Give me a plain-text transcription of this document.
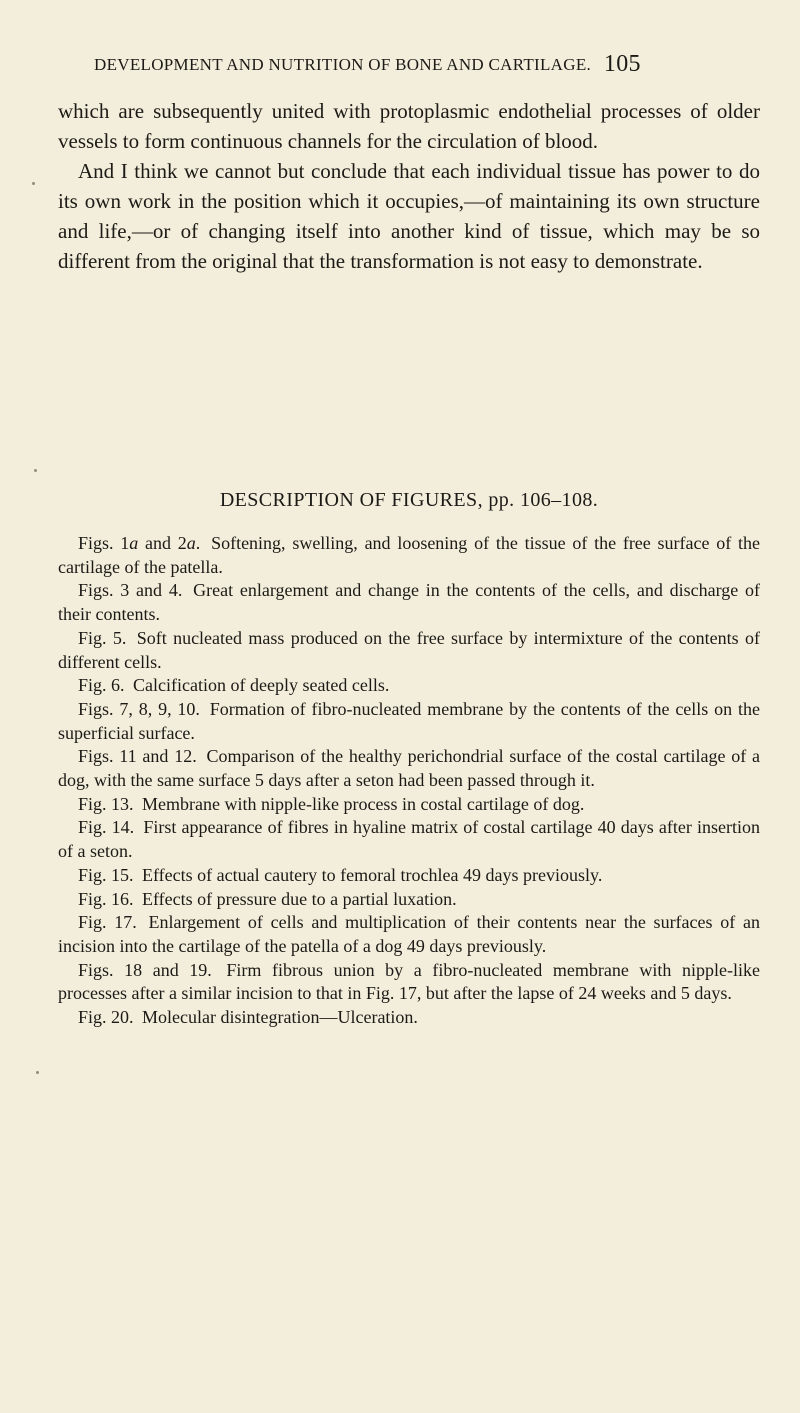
DEVELOPMENT AND NUTRITION OF BONE AND CARTILAGE. 105

which are subsequently united with protoplasmic endothelial processes of older vessels to form continuous channels for the circulation of blood.

And I think we cannot but conclude that each individual tissue has power to do its own work in the position which it occupies,—of maintaining its own structure and life,—or of changing itself into another kind of tissue, which may be so different from the original that the transformation is not easy to demonstrate.

DESCRIPTION OF FIGURES, pp. 106–108.

Figs. 1a and 2a. Softening, swelling, and loosening of the tissue of the free surface of the cartilage of the patella.

Figs. 3 and 4. Great enlargement and change in the contents of the cells, and discharge of their contents.

Fig. 5. Soft nucleated mass produced on the free surface by intermixture of the contents of different cells.

Fig. 6. Calcification of deeply seated cells.

Figs. 7, 8, 9, 10. Formation of fibro-nucleated membrane by the contents of the cells on the superficial surface.

Figs. 11 and 12. Comparison of the healthy perichondrial surface of the costal cartilage of a dog, with the same surface 5 days after a seton had been passed through it.

Fig. 13. Membrane with nipple-like process in costal cartilage of dog.

Fig. 14. First appearance of fibres in hyaline matrix of costal cartilage 40 days after insertion of a seton.

Fig. 15. Effects of actual cautery to femoral trochlea 49 days previously.

Fig. 16. Effects of pressure due to a partial luxation.

Fig. 17. Enlargement of cells and multiplication of their contents near the surfaces of an incision into the cartilage of the patella of a dog 49 days previously.

Figs. 18 and 19. Firm fibrous union by a fibro-nucleated membrane with nipple-like processes after a similar incision to that in Fig. 17, but after the lapse of 24 weeks and 5 days.

Fig. 20. Molecular disintegration—Ulceration.
